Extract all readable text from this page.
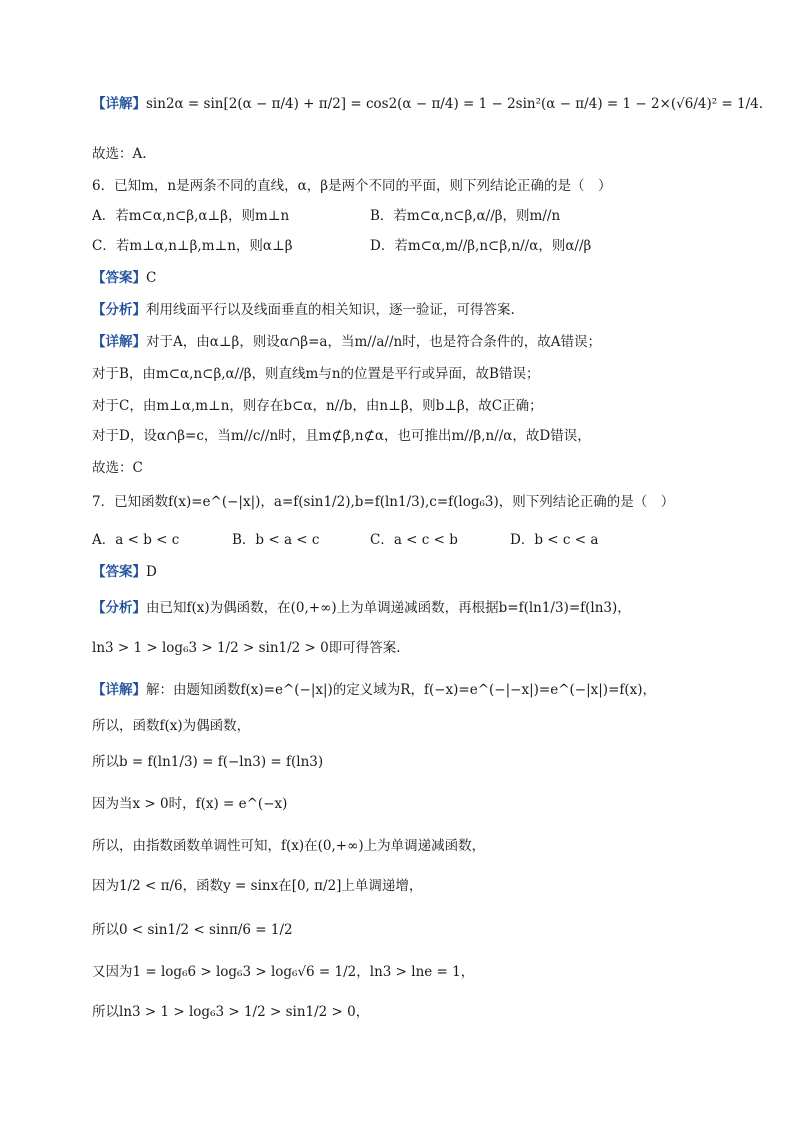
【详解】sin2α = sin[2(α − π/4) + π/2] = cos2(α − π/4) = 1 − 2sin²(α − π/4) = 1 − 2×(√6/4)² = 1/4.
故选：A.
6．已知m，n是两条不同的直线，α，β是两个不同的平面，则下列结论正确的是（　）
A．若m⊂α,n⊂β,α⊥β，则m⊥n	B．若m⊂α,n⊂β,α//β，则m//n
C．若m⊥α,n⊥β,m⊥n，则α⊥β	D．若m⊂α,m//β,n⊂β,n//α，则α//β
【答案】C
【分析】利用线面平行以及线面垂直的相关知识，逐一验证，可得答案.
【详解】对于A，由α⊥β，则设α∩β=a，当m//a//n时，也是符合条件的，故A错误；
对于B，由m⊂α,n⊂β,α//β，则直线m与n的位置是平行或异面，故B错误；
对于C，由m⊥α,m⊥n，则存在b⊂α，n//b，由n⊥β，则b⊥β，故C正确；
对于D，设α∩β=c，当m//c//n时，且m⊄β,n⊄α，也可推出m//β,n//α，故D错误，
故选：C
7．已知函数f(x)=e^(−|x|)，a=f(sin1/2),b=f(ln1/3),c=f(log₆3)，则下列结论正确的是（　）
A．a < b < c	B．b < a < c	C．a < c < b	D．b < c < a
【答案】D
【分析】由已知f(x)为偶函数，在(0,+∞)上为单调递减函数，再根据b=f(ln1/3)=f(ln3)，
ln3 > 1 > log₆3 > 1/2 > sin1/2 > 0即可得答案.
【详解】解：由题知函数f(x)=e^(−|x|)的定义域为R，f(−x)=e^(−|−x|)=e^(−|x|)=f(x)，
所以，函数f(x)为偶函数，
所以b = f(ln1/3) = f(−ln3) = f(ln3)
因为当x > 0时，f(x) = e^(−x)
所以，由指数函数单调性可知，f(x)在(0,+∞)上为单调递减函数，
因为1/2 < π/6，函数y = sinx在[0, π/2]上单调递增，
所以0 < sin1/2 < sinπ/6 = 1/2
又因为1 = log₆6 > log₆3 > log₆√6 = 1/2，ln3 > lne = 1，
所以ln3 > 1 > log₆3 > 1/2 > sin1/2 > 0，
